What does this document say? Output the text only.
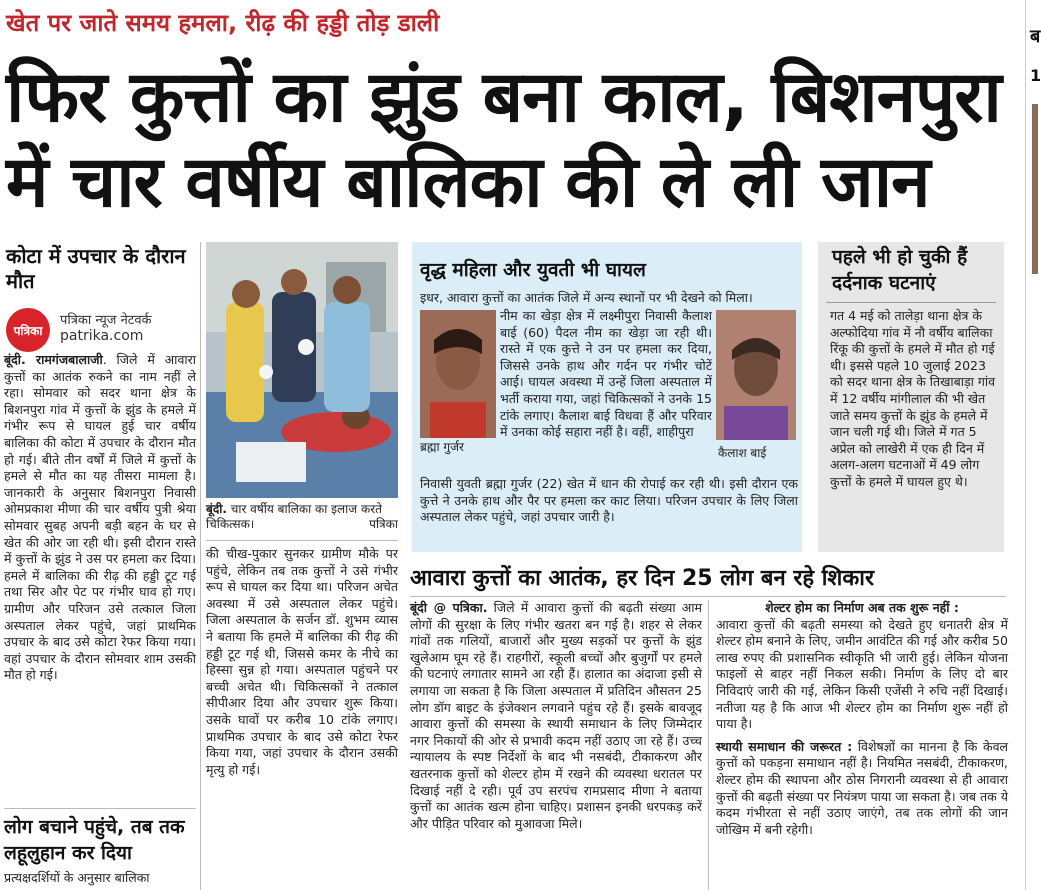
खेत पर जाते समय हमला, रीढ़ की हड्डी तोड़ डाली
फिर कुत्तों का झुंड बना काल, बिशनपुरा
में चार वर्षीय बालिका की ले ली जान
कोटा में उपचार के दौरान मौत
पत्रिका
पत्रिका न्यूज नेटवर्क
patrika.com
बूंदी. रामगंजबालाजी. जिले में आवारा कुत्तों का आतंक रुकने का नाम नहीं ले रहा। सोमवार को सदर थाना क्षेत्र के बिशनपुरा गांव में कुत्तों के झुंड के हमले में गंभीर रूप से घायल हुई चार वर्षीय बालिका की कोटा में उपचार के दौरान मौत हो गई। बीते तीन वर्षों में जिले में कुत्तों के हमले से मौत का यह तीसरा मामला है। जानकारी के अनुसार बिशनपुरा निवासी ओमप्रकाश मीणा की चार वर्षीय पुत्री श्रेया सोमवार सुबह अपनी बड़ी बहन के घर से खेत की ओर जा रही थी। इसी दौरान रास्ते में कुत्तों के झुंड ने उस पर हमला कर दिया। हमले में बालिका की रीढ़ की हड्डी टूट गई तथा सिर और पेट पर गंभीर घाव हो गए। ग्रामीण और परिजन उसे तत्काल जिला अस्पताल लेकर पहुंचे, जहां प्राथमिक उपचार के बाद उसे कोटा रेफर किया गया। वहां उपचार के दौरान सोमवार शाम उसकी मौत हो गई।
लोग बचाने पहुंचे, तब तक लहूलुहान कर दिया
प्रत्यक्षदर्शियों के अनुसार बालिका
बूंदी. चार वर्षीय बालिका का इलाज करते चिकित्सक।	पत्रिका
की चीख-पुकार सुनकर ग्रामीण मौके पर पहुंचे, लेकिन तब तक कुत्तों ने उसे गंभीर रूप से घायल कर दिया था। परिजन अचेत अवस्था में उसे अस्पताल लेकर पहुंचे। जिला अस्पताल के सर्जन डॉ. शुभम व्यास ने बताया कि हमले में बालिका की रीढ़ की हड्डी टूट गई थी, जिससे कमर के नीचे का हिस्सा सुन्न हो गया। अस्पताल पहुंचने पर बच्ची अचेत थी। चिकित्सकों ने तत्काल सीपीआर दिया और उपचार शुरू किया। उसके घावों पर करीब 10 टांके लगाए। प्राथमिक उपचार के बाद उसे कोटा रेफर किया गया, जहां उपचार के दौरान उसकी मृत्यु हो गई।
वृद्ध महिला और युवती भी घायल
इधर, आवारा कुत्तों का आतंक जिले में अन्य स्थानों पर भी देखने को मिला।
ब्रह्मा गुर्जर
नीम का खेड़ा क्षेत्र में लक्ष्मीपुरा निवासी कैलाश बाई (60) पैदल नीम का खेड़ा जा रही थी। रास्ते में एक कुत्ते ने उन पर हमला कर दिया, जिससे उनके हाथ और गर्दन पर गंभीर चोटें आई। घायल अवस्था में उन्हें जिला अस्पताल में भर्ती कराया गया, जहां चिकित्सकों ने उनके 15 टांके लगाए। कैलाश बाई विधवा हैं और परिवार में उनका कोई सहारा नहीं है। वहीं, शाहीपुरा
कैलाश बाई
निवासी युवती ब्रह्मा गुर्जर (22) खेत में धान की रोपाई कर रही थी। इसी दौरान एक कुत्ते ने उनके हाथ और पैर पर हमला कर काट लिया। परिजन उपचार के लिए जिला अस्पताल लेकर पहुंचे, जहां उपचार जारी है।
पहले भी हो चुकी हैं दर्दनाक घटनाएं
गत 4 मई को तालेड़ा थाना क्षेत्र के अल्फोदिया गांव में नौ वर्षीय बालिका रिंकू की कुत्तों के हमले में मौत हो गई थी। इससे पहले 10 जुलाई 2023 को सदर थाना क्षेत्र के तिखाबाड़ा गांव में 12 वर्षीय मांगीलाल की भी खेत जाते समय कुत्तों के झुंड के हमले में जान चली गई थी। जिले में गत 5 अप्रेल को लाखेरी में एक ही दिन में अलग-अलग घटनाओं में 49 लोग कुत्तों के हमले में घायल हुए थे।
आवारा कुत्तों का आतंक, हर दिन 25 लोग बन रहे शिकार
बूंदी @ पत्रिका. जिले में आवारा कुत्तों की बढ़ती संख्या आम लोगों की सुरक्षा के लिए गंभीर खतरा बन गई है। शहर से लेकर गांवों तक गलियों, बाजारों और मुख्य सड़कों पर कुत्तों के झुंड खुलेआम घूम रहे हैं। राहगीरों, स्कूली बच्चों और बुजुर्गों पर हमले की घटनाएं लगातार सामने आ रही हैं। हालात का अंदाजा इसी से लगाया जा सकता है कि जिला अस्पताल में प्रतिदिन औसतन 25 लोग डॉग बाइट के इंजेक्शन लगवाने पहुंच रहे हैं। इसके बावजूद आवारा कुत्तों की समस्या के स्थायी समाधान के लिए जिम्मेदार नगर निकायों की ओर से प्रभावी कदम नहीं उठाए जा रहे हैं। उच्च न्यायालय के स्पष्ट निर्देशों के बाद भी नसबंदी, टीकाकरण और खतरनाक कुत्तों को शेल्टर होम में रखने की व्यवस्था धरातल पर दिखाई नहीं दे रही। पूर्व उप सरपंच रामप्रसाद मीणा ने बताया कुत्तों का आतंक खत्म होना चाहिए। प्रशासन इनकी धरपकड़ करें और पीड़ित परिवार को मुआवजा मिले।
शेल्टर होम का निर्माण अब तक शुरू नहीं :
आवारा कुत्तों की बढ़ती समस्या को देखते हुए धनातरी क्षेत्र में शेल्टर होम बनाने के लिए, जमीन आवंटित की गई और करीब 50 लाख रुपए की प्रशासनिक स्वीकृति भी जारी हुई। लेकिन योजना फाइलों से बाहर नहीं निकल सकी। निर्माण के लिए दो बार निविदाएं जारी की गई, लेकिन किसी एजेंसी ने रुचि नहीं दिखाई। नतीजा यह है कि आज भी शेल्टर होम का निर्माण शुरू नहीं हो पाया है।
स्थायी समाधान की जरूरत : विशेषज्ञों का मानना है कि केवल कुत्तों को पकड़ना समाधान नहीं है। नियमित नसबंदी, टीकाकरण, शेल्टर होम की स्थापना और ठोस निगरानी व्यवस्था से ही आवारा कुत्तों की बढ़ती संख्या पर नियंत्रण पाया जा सकता है। जब तक ये कदम गंभीरता से नहीं उठाए जाएंगे, तब तक लोगों की जान जोखिम में बनी रहेगी।
ब
1
